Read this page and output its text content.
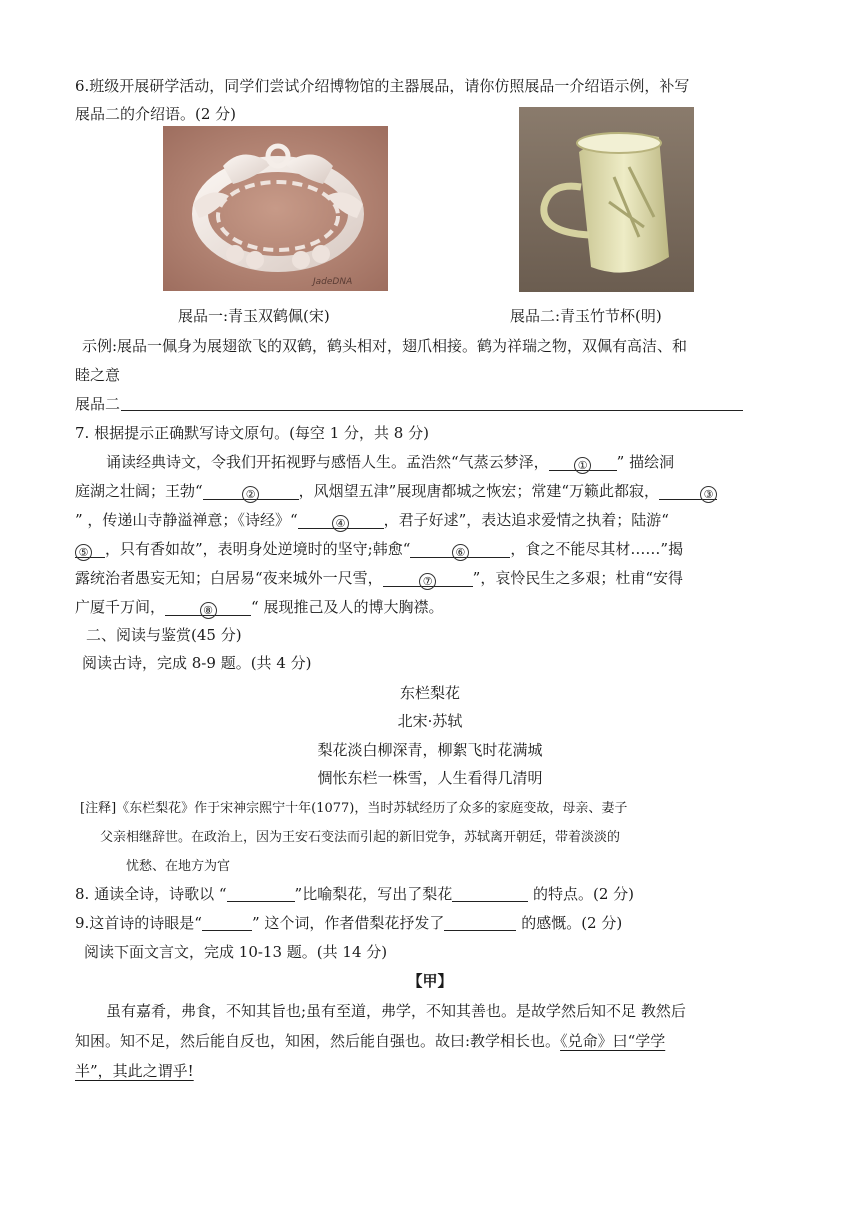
6.班级开展研学活动，同学们尝试介绍博物馆的主器展品，请你仿照展品一介绍语示例，补写
展品二的介绍语。(2 分)
JadeDNA
展品一:青玉双鹤佩(宋)	展品二:青玉竹节杯(明)
示例:展品一佩身为展翅欲飞的双鹤，鹤头相对，翅爪相接。鹤为祥瑞之物，双佩有高洁、和
睦之意
展品二
7. 根据提示正确默写诗文原句。(每空 1 分，共 8 分)
诵读经典诗文，令我们开拓视野与感悟人生。孟浩然“气蒸云梦泽，	① ” 描绘洞
庭湖之壮阔；王勃“	②	，风烟望五津”展现唐都城之恢宏；常建“万籁此都寂，	③
” ，传递山寺静溢禅意；《诗经》“	④	，君子好逑”，表达追求爱情之执着；陆游“
⑤ ，只有香如故”，表明身处逆境时的坚守;韩愈“	⑥	，食之不能尽其材……”揭
露统治者愚妄无知；白居易“夜来城外一尺雪，	⑦	”，哀怜民生之多艰；杜甫“安得
广厦千万间，	⑧	“ 展现推己及人的博大胸襟。
二、阅读与鉴赏(45 分)
阅读古诗，完成 8-9 题。(共 4 分)
东栏梨花
北宋·苏轼
梨花淡白柳深青，柳絮飞时花满城
惆怅东栏一株雪，人生看得几清明
[注释]《东栏梨花》作于宋神宗熙宁十年(1077)，当时苏轼经历了众多的家庭变故，母亲、妻子
父亲相继辞世。在政治上，因为王安石变法而引起的新旧党争，苏轼离开朝廷，带着淡淡的
忧愁、在地方为官
8. 通读全诗，诗歌以 “	”比喻梨花，写出了梨花	的特点。(2 分)
9.这首诗的诗眼是“	” 这个词，作者借梨花抒发了	的感慨。(2 分)
阅读下面文言文，完成 10-13 题。(共 14 分)
【甲】
虽有嘉肴，弗食，不知其旨也;虽有至道，弗学，不知其善也。是故学然后知不足 教然后
知困。知不足，然后能自反也，知困，然后能自强也。故曰:教学相长也。《兑命》曰“学学
半”，其此之谓乎!
